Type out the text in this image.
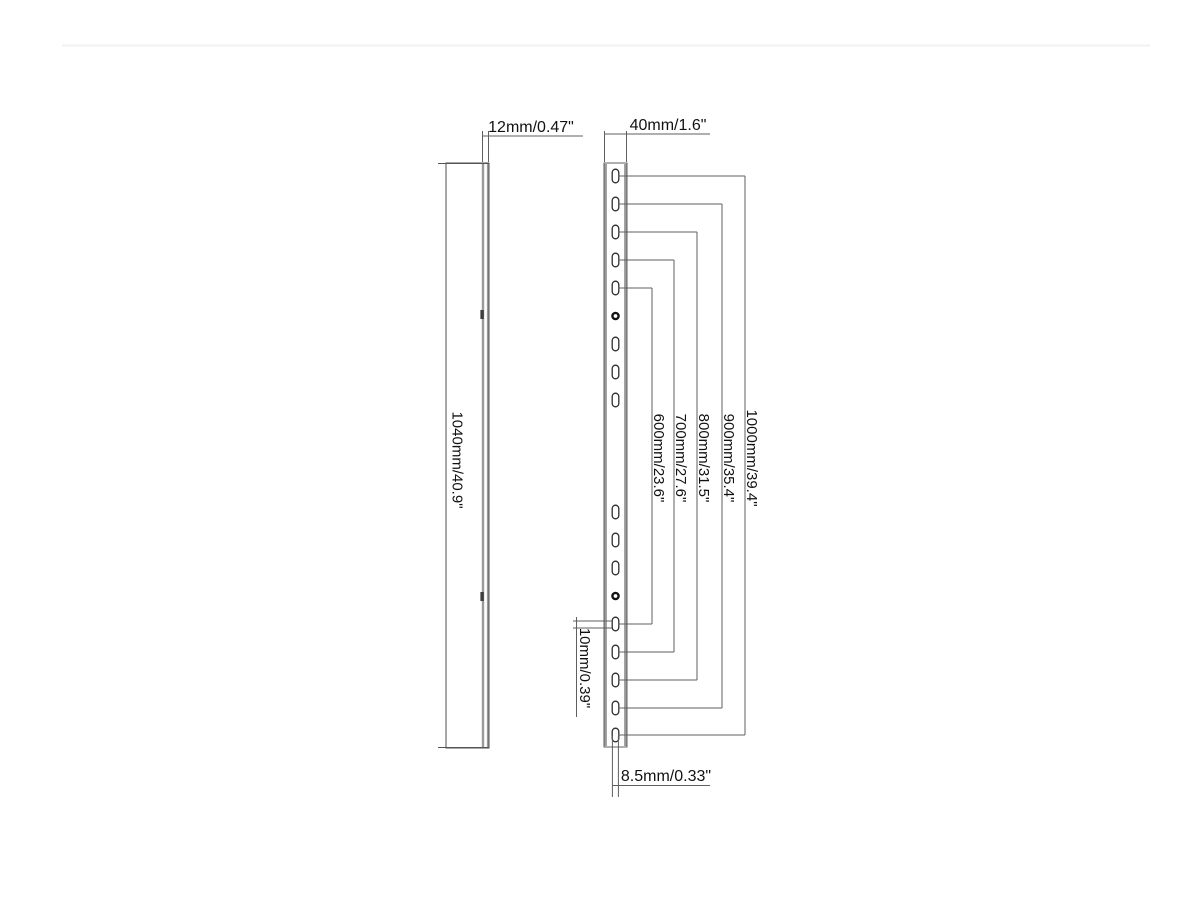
1040mm/40.9"
12mm/0.47"	40mm/1.6"
600mm/23.6" 700mm/27.6" 800mm/31.5" 900mm/35.4" 1000mm/39.4"
10mm/0.39"
8.5mm/0.33"
